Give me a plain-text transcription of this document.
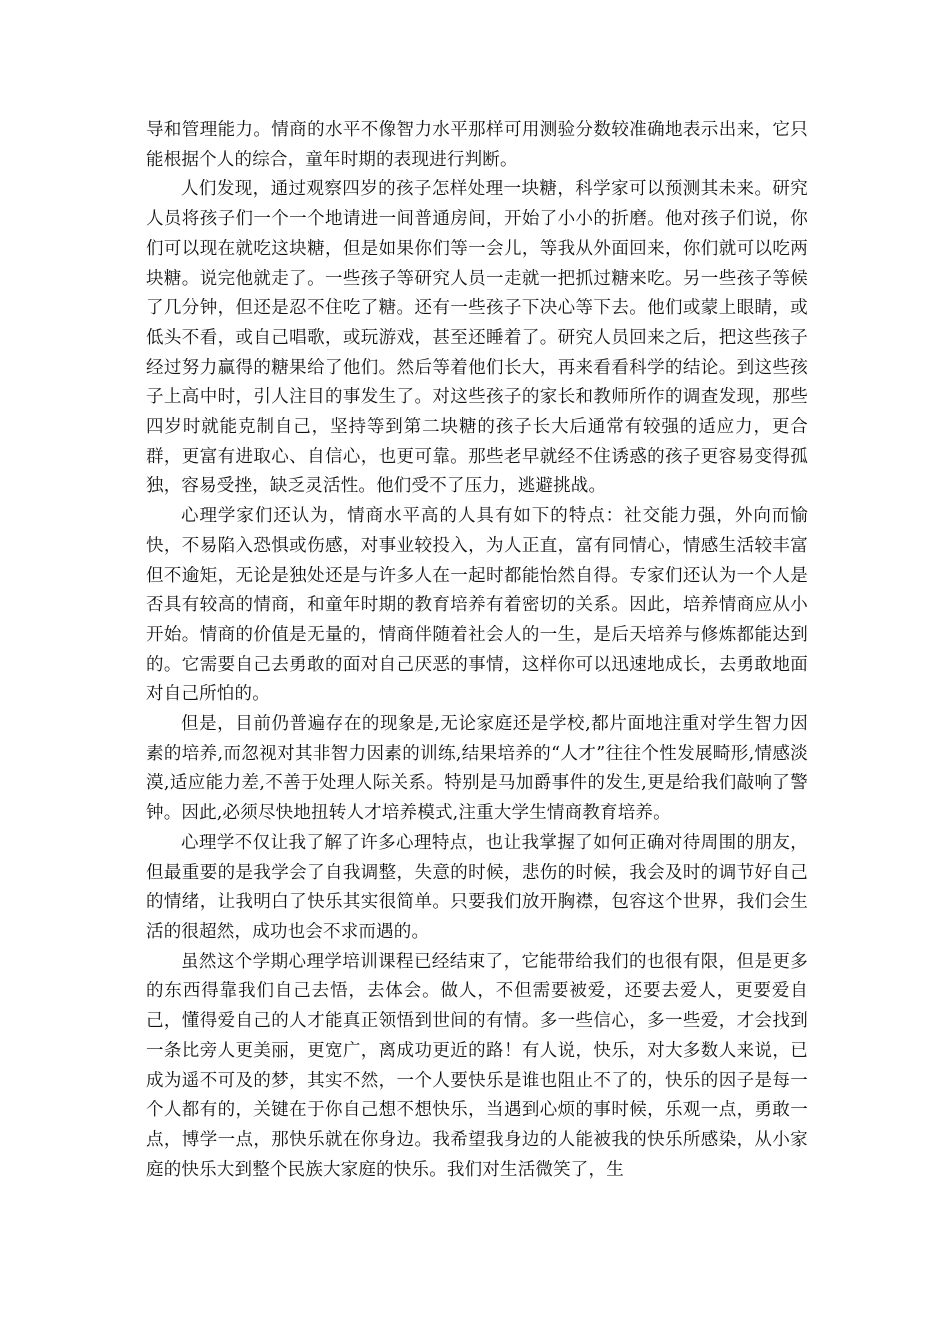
导和管理能力。情商的水平不像智力水平那样可用测验分数较准确地表示出来，它只能根据个人的综合，童年时期的表现进行判断。

人们发现，通过观察四岁的孩子怎样处理一块糖，科学家可以预测其未来。研究人员将孩子们一个一个地请进一间普通房间，开始了小小的折磨。他对孩子们说，你们可以现在就吃这块糖，但是如果你们等一会儿，等我从外面回来，你们就可以吃两块糖。说完他就走了。一些孩子等研究人员一走就一把抓过糖来吃。另一些孩子等候了几分钟，但还是忍不住吃了糖。还有一些孩子下决心等下去。他们或蒙上眼睛，或低头不看，或自己唱歌，或玩游戏，甚至还睡着了。研究人员回来之后，把这些孩子经过努力赢得的糖果给了他们。然后等着他们长大，再来看看科学的结论。到这些孩子上高中时，引人注目的事发生了。对这些孩子的家长和教师所作的调查发现，那些四岁时就能克制自己，坚持等到第二块糖的孩子长大后通常有较强的适应力，更合群，更富有进取心、自信心，也更可靠。那些老早就经不住诱惑的孩子更容易变得孤独，容易受挫，缺乏灵活性。他们受不了压力，逃避挑战。

心理学家们还认为，情商水平高的人具有如下的特点：社交能力强，外向而愉快，不易陷入恐惧或伤感，对事业较投入，为人正直，富有同情心，情感生活较丰富但不逾矩，无论是独处还是与许多人在一起时都能怡然自得。专家们还认为一个人是否具有较高的情商，和童年时期的教育培养有着密切的关系。因此，培养情商应从小开始。情商的价值是无量的，情商伴随着社会人的一生，是后天培养与修炼都能达到的。它需要自己去勇敢的面对自己厌恶的事情，这样你可以迅速地成长，去勇敢地面对自己所怕的。

但是，目前仍普遍存在的现象是,无论家庭还是学校,都片面地注重对学生智力因素的培养,而忽视对其非智力因素的训练,结果培养的“人才”往往个性发展畸形,情感淡漠,适应能力差,不善于处理人际关系。特别是马加爵事件的发生,更是给我们敲响了警钟。因此,必须尽快地扭转人才培养模式,注重大学生情商教育培养。

心理学不仅让我了解了许多心理特点，也让我掌握了如何正确对待周围的朋友，但最重要的是我学会了自我调整，失意的时候，悲伤的时候，我会及时的调节好自己的情绪，让我明白了快乐其实很简单。只要我们放开胸襟，包容这个世界，我们会生活的很超然，成功也会不求而遇的。

虽然这个学期心理学培训课程已经结束了，它能带给我们的也很有限，但是更多的东西得靠我们自己去悟，去体会。做人，不但需要被爱，还要去爱人，更要爱自己，懂得爱自己的人才能真正领悟到世间的有情。多一些信心，多一些爱，才会找到一条比旁人更美丽，更宽广，离成功更近的路！有人说，快乐，对大多数人来说，已成为遥不可及的梦，其实不然，一个人要快乐是谁也阻止不了的，快乐的因子是每一个人都有的，关键在于你自己想不想快乐，当遇到心烦的事时候，乐观一点，勇敢一点，博学一点，那快乐就在你身边。我希望我身边的人能被我的快乐所感染，从小家庭的快乐大到整个民族大家庭的快乐。我们对生活微笑了，生
